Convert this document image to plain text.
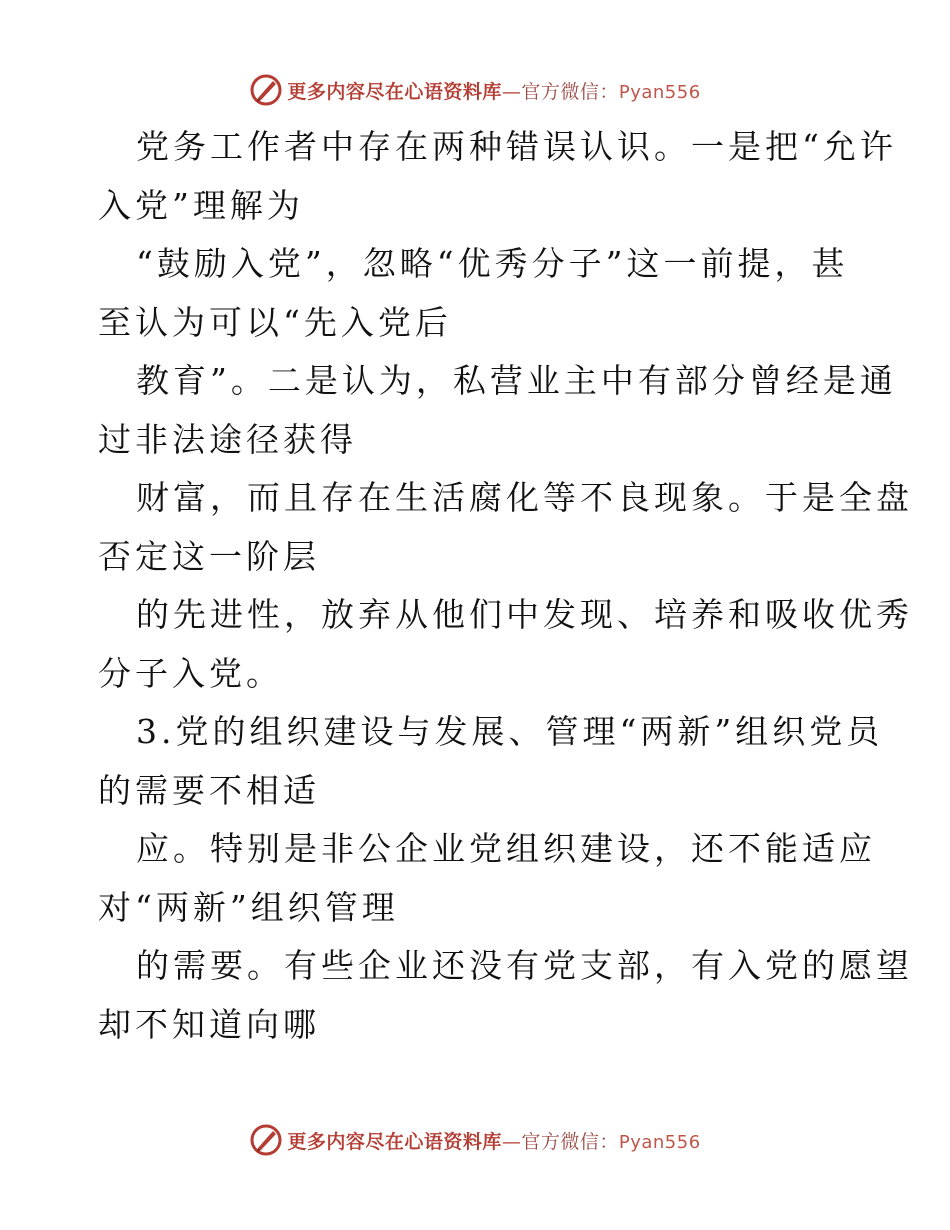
更多内容尽在心语资料库—官方微信：Pyan556
党务工作者中存在两种错误认识。一是把“允许
入党”理解为
“鼓励入党”，忽略“优秀分子”这一前提，甚
至认为可以“先入党后
教育”。二是认为，私营业主中有部分曾经是通
过非法途径获得
财富，而且存在生活腐化等不良现象。于是全盘
否定这一阶层
的先进性，放弃从他们中发现、培养和吸收优秀
分子入党。
3.党的组织建设与发展、管理“两新”组织党员
的需要不相适
应。特别是非公企业党组织建设，还不能适应
对“两新”组织管理
的需要。有些企业还没有党支部，有入党的愿望
却不知道向哪
更多内容尽在心语资料库—官方微信：Pyan556
